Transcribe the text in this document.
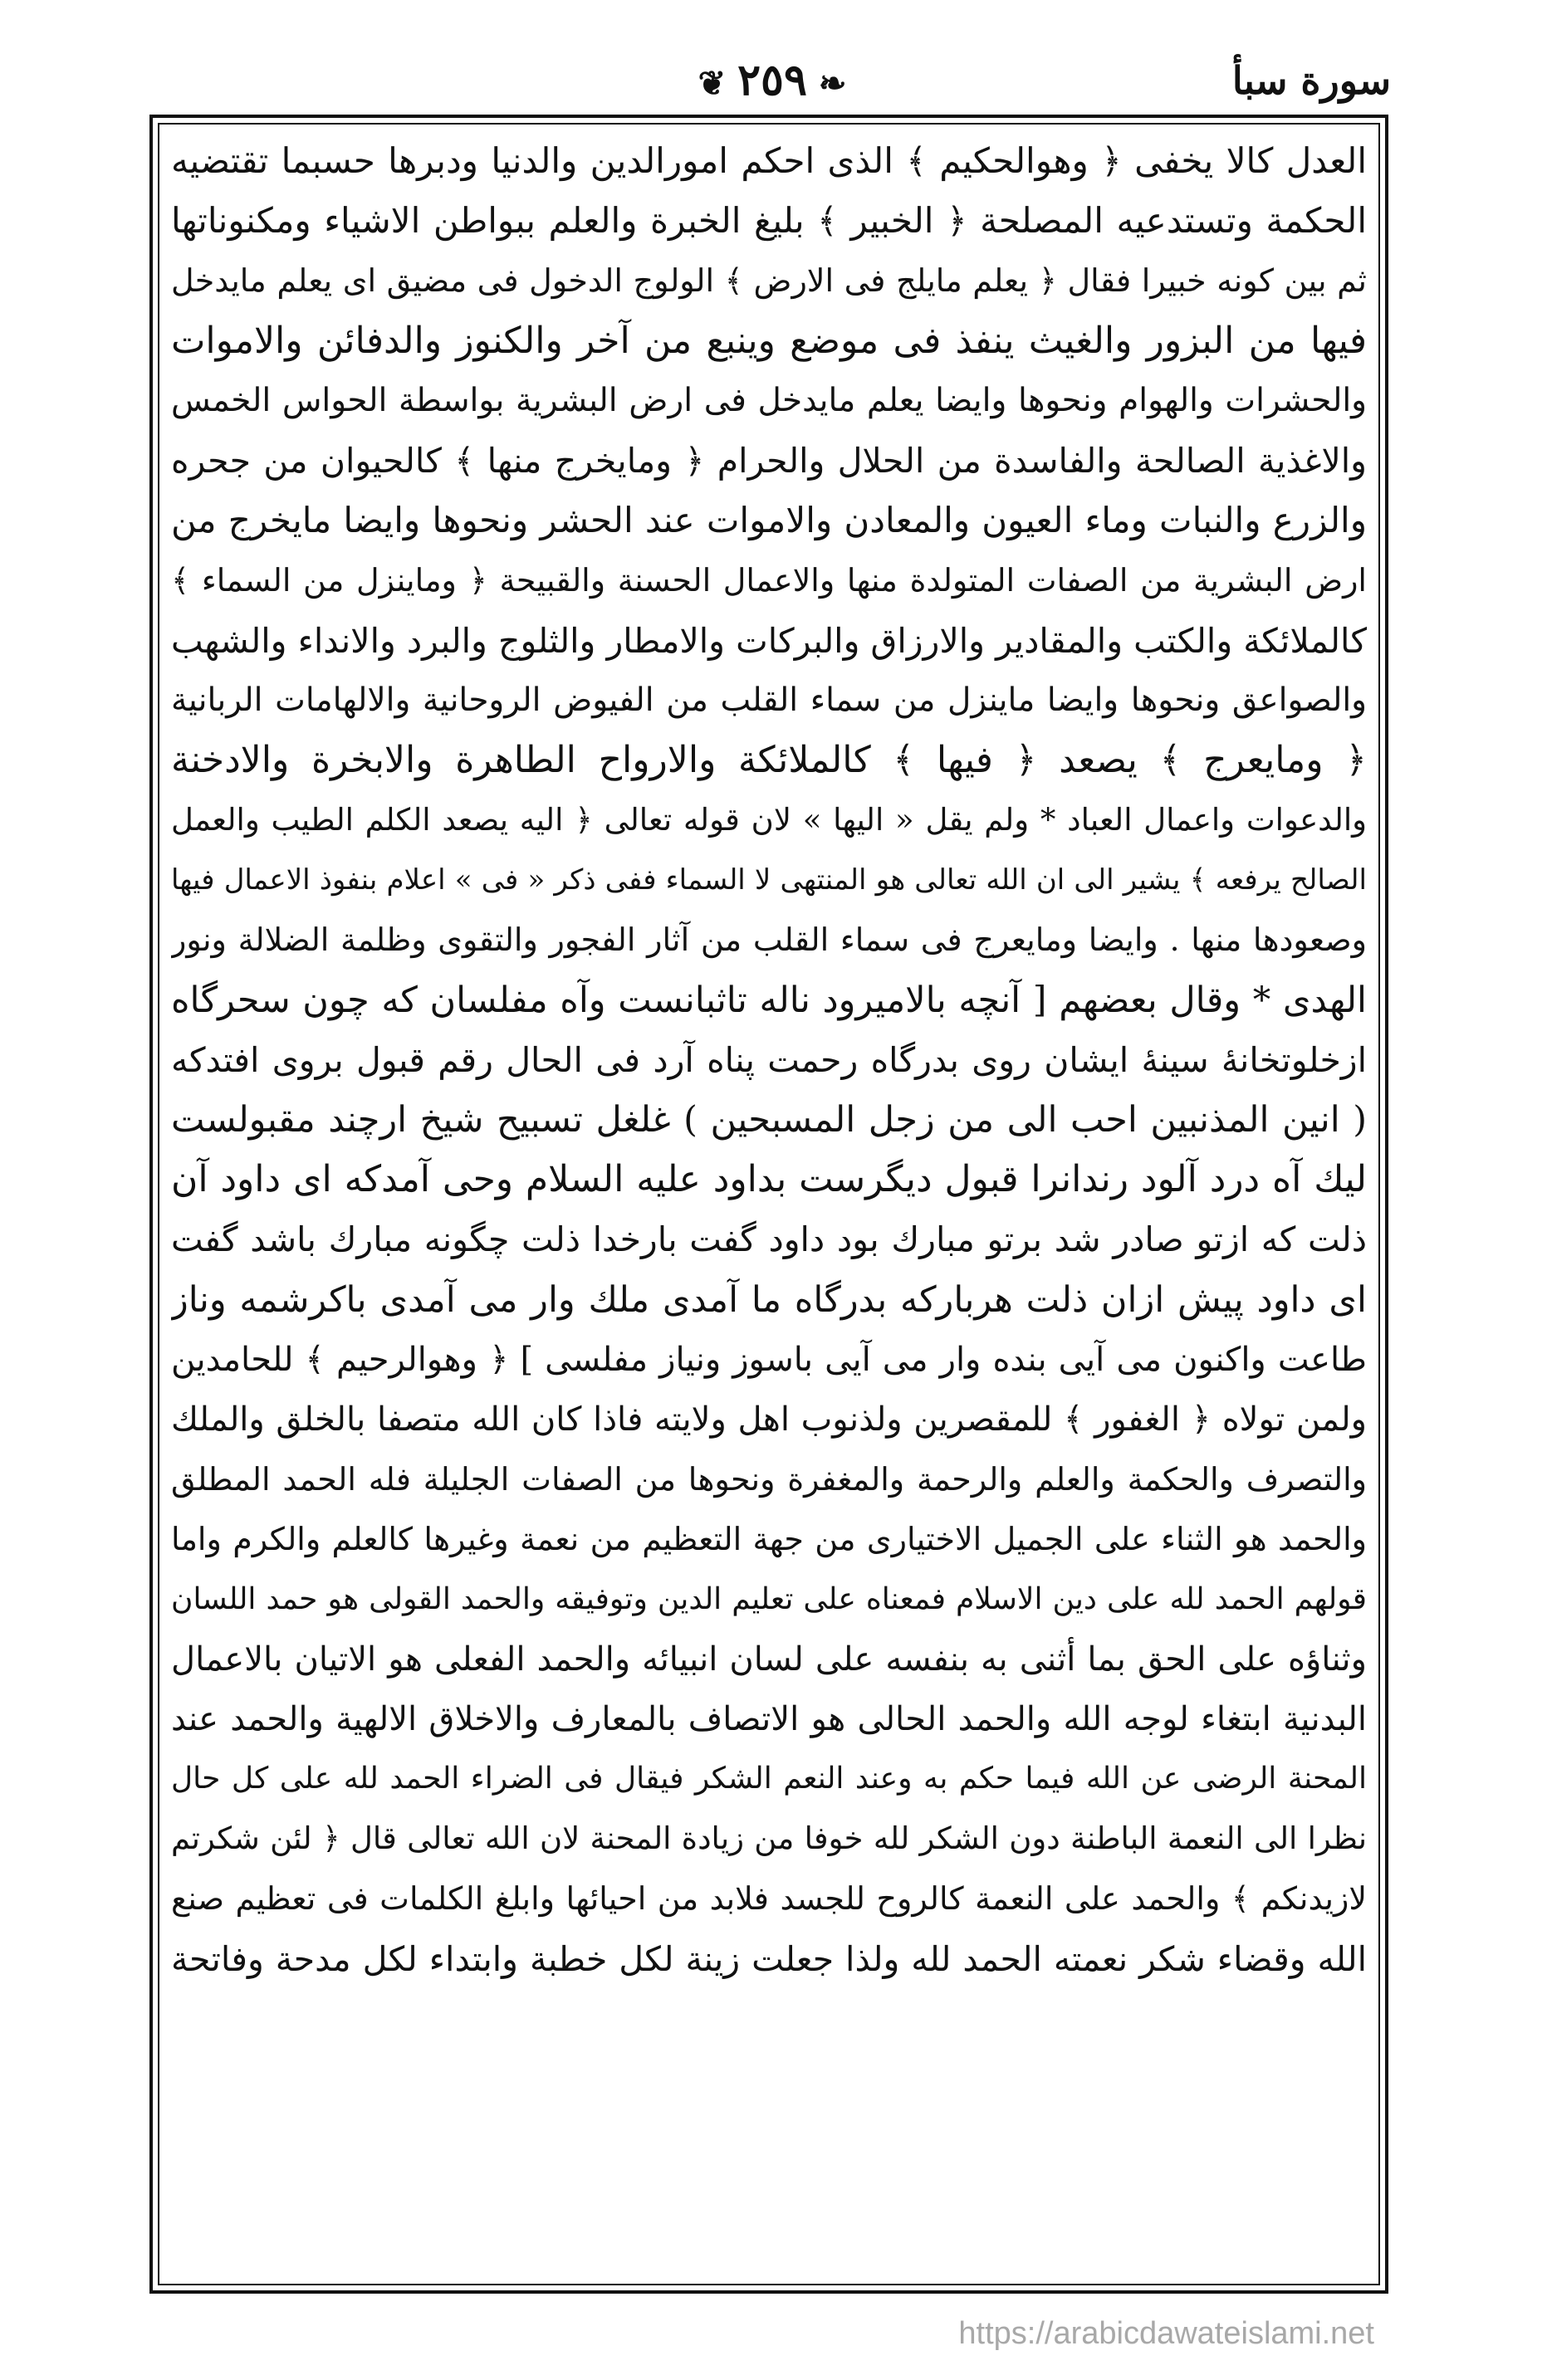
❧٢٥٩❦	سورة سبأ
العدل كالا يخفى ﴿ وهوالحكيم ﴾ الذى احكم امورالدين والدنيا ودبرها حسبما تقتضيه
الحكمة وتستدعيه المصلحة ﴿ الخبير ﴾ بليغ الخبرة والعلم ببواطن الاشياء ومكنوناتها
ثم بين كونه خبيرا فقال ﴿ يعلم مايلج فى الارض ﴾ الولوج الدخول فى مضيق اى يعلم مايدخل
فيها من البزور والغيث ينفذ فى موضع وينبع من آخر والكنوز والدفائن والاموات
والحشرات والهوام ونحوها وايضا يعلم مايدخل فى ارض البشرية بواسطة الحواس الخمس
والاغذية الصالحة والفاسدة من الحلال والحرام ﴿ ومايخرج منها ﴾ كالحيوان من جحره
والزرع والنبات وماء العيون والمعادن والاموات عند الحشر ونحوها وايضا مايخرج من
ارض البشرية من الصفات المتولدة منها والاعمال الحسنة والقبيحة ﴿ وماينزل من السماء ﴾
كالملائكة والكتب والمقادير والارزاق والبركات والامطار والثلوج والبرد والانداء والشهب
والصواعق ونحوها وايضا ماينزل من سماء القلب من الفيوض الروحانية والالهامات الربانية
﴿ ومايعرج ﴾ يصعد ﴿ فيها ﴾ كالملائكة والارواح الطاهرة والابخرة والادخنة
والدعوات واعمال العباد * ولم يقل « اليها » لان قوله تعالى ﴿ اليه يصعد الكلم الطيب والعمل
الصالح يرفعه ﴾ يشير الى ان الله تعالى هو المنتهى لا السماء ففى ذكر « فى » اعلام بنفوذ الاعمال فيها
وصعودها منها . وايضا ومايعرج فى سماء القلب من آثار الفجور والتقوى وظلمة الضلالة ونور
الهدى * وقال بعضهم [ آنچه بالاميرود ناله تاثبانست وآه مفلسان كه چون سحرگاه
ازخلوتخانهٔ سينهٔ ايشان روى بدرگاه رحمت پناه آرد فى الحال رقم قبول بروى افتدكه
( انين المذنبين احب الى من زجل المسبحين ) غلغل تسبيح شيخ ارچند مقبولست
ليك آه درد آلود رندانرا قبول ديگرست بداود عليه السلام وحى آمدكه اى داود آن
ذلت كه ازتو صادر شد برتو مبارك بود داود گفت بارخدا ذلت چگونه مبارك باشد گفت
اى داود پيش ازان ذلت هربارکه بدرگاه ما آمدى ملك وار مى آمدى باكرشمه وناز
طاعت واكنون مى آيى بنده وار مى آيى باسوز ونياز مفلسى ] ﴿ وهوالرحيم ﴾ للحامدين
ولمن تولاه ﴿ الغفور ﴾ للمقصرين ولذنوب اهل ولايته فاذا كان الله متصفا بالخلق والملك
والتصرف والحكمة والعلم والرحمة والمغفرة ونحوها من الصفات الجليلة فله الحمد المطلق
والحمد هو الثناء على الجميل الاختيارى من جهة التعظيم من نعمة وغيرها كالعلم والكرم واما
قولهم الحمد لله على دين الاسلام فمعناه على تعليم الدين وتوفيقه والحمد القولى هو حمد اللسان
وثناؤه على الحق بما أثنى به بنفسه على لسان انبيائه والحمد الفعلى هو الاتيان بالاعمال
البدنية ابتغاء لوجه الله والحمد الحالى هو الاتصاف بالمعارف والاخلاق الالهية والحمد عند
المحنة الرضى عن الله فيما حكم به وعند النعم الشكر فيقال فى الضراء الحمد لله على كل حال
نظرا الى النعمة الباطنة دون الشكر لله خوفا من زيادة المحنة لان الله تعالى قال ﴿ لئن شكرتم
لازيدنكم ﴾ والحمد على النعمة كالروح للجسد فلابد من احيائها وابلغ الكلمات فى تعظيم صنع
الله وقضاء شكر نعمته الحمد لله ولذا جعلت زينة لكل خطبة وابتداء لكل مدحة وفاتحة
https://arabicdawateislami.net
